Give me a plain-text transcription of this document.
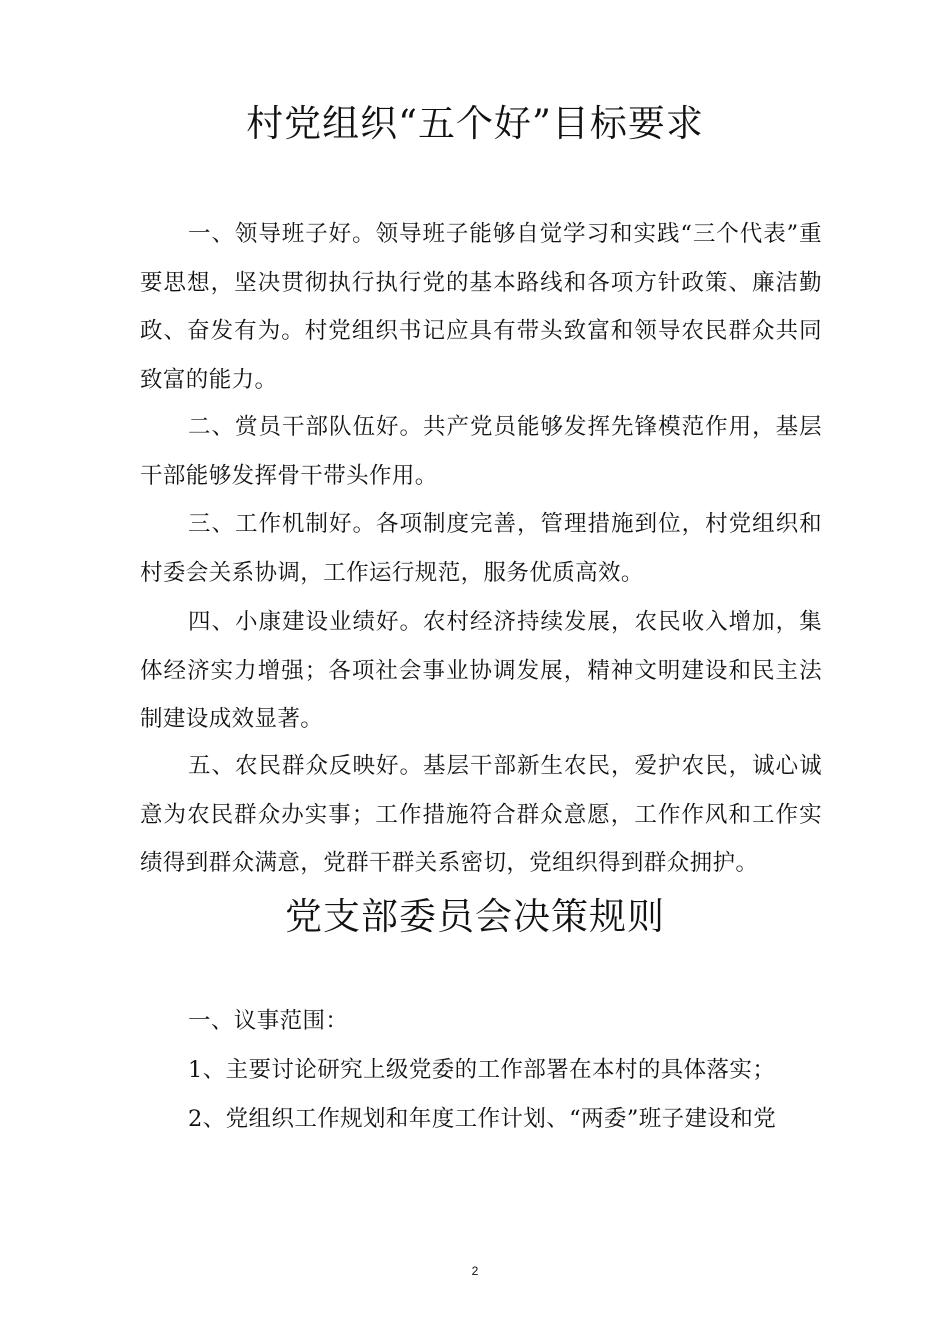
村党组织“五个好”目标要求

一、领导班子好。领导班子能够自觉学习和实践“三个代表”重要思想，坚决贯彻执行执行党的基本路线和各项方针政策、廉洁勤政、奋发有为。村党组织书记应具有带头致富和领导农民群众共同致富的能力。

二、赏员干部队伍好。共产党员能够发挥先锋模范作用，基层干部能够发挥骨干带头作用。

三、工作机制好。各项制度完善，管理措施到位，村党组织和村委会关系协调，工作运行规范，服务优质高效。

四、小康建设业绩好。农村经济持续发展，农民收入增加，集体经济实力增强；各项社会事业协调发展，精神文明建设和民主法制建设成效显著。

五、农民群众反映好。基层干部新生农民，爱护农民，诚心诚意为农民群众办实事；工作措施符合群众意愿，工作作风和工作实绩得到群众满意，党群干群关系密切，党组织得到群众拥护。

党支部委员会决策规则

一、议事范围：

1、主要讨论研究上级党委的工作部署在本村的具体落实；

2、党组织工作规划和年度工作计划、“两委”班子建设和党

2
